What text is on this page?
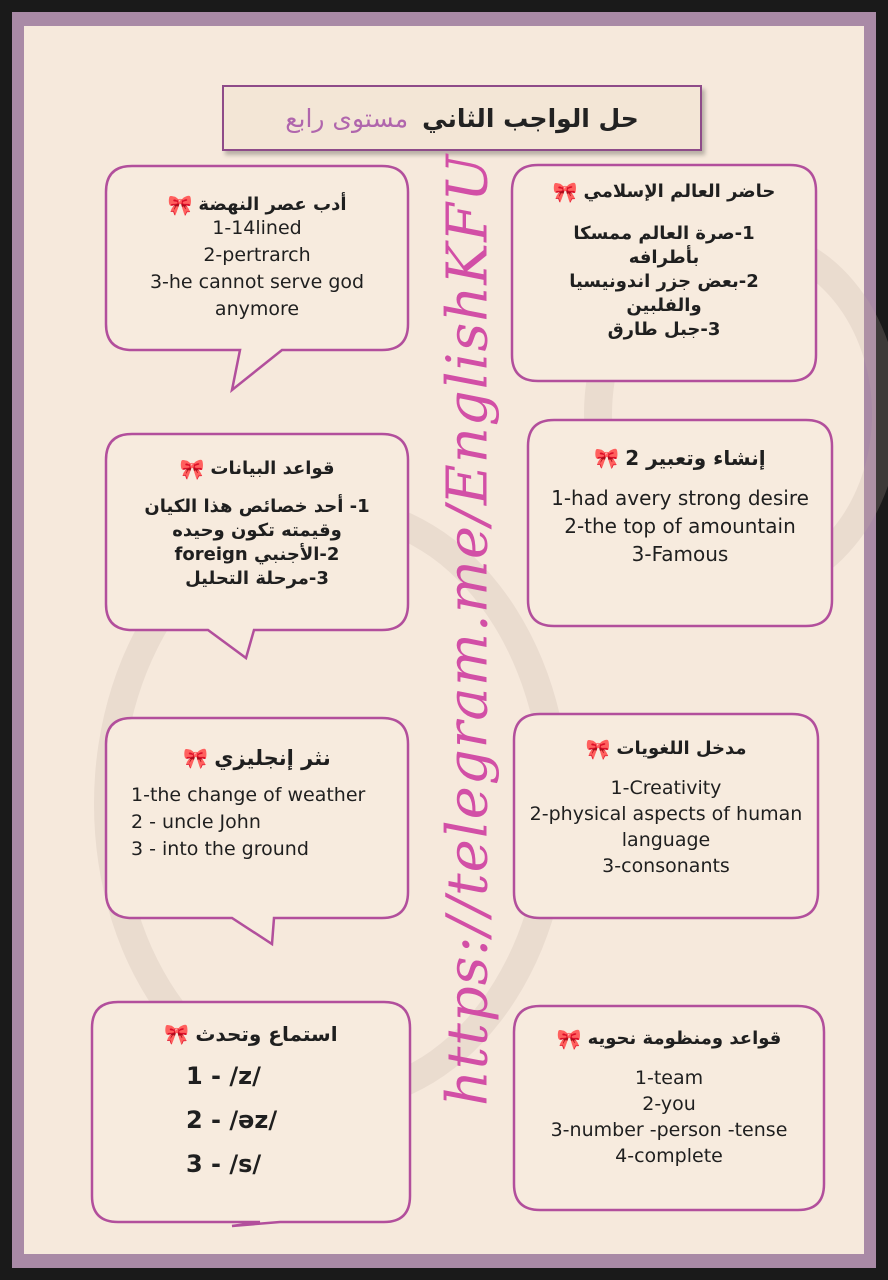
حل الواجب الثاني
مستوى رابع
أدب عصر النهضة
🎀
1-14lined
2-pertrarch
3-he cannot serve god
anymore
حاضر العالم الإسلامي
🎀
1-صرة العالم ممسكا
بأطرافه
2-بعض جزر اندونيسيا
والفلبين
3-جبل طارق
قواعد البيانات
🎀
1- أحد خصائص هذا الكيان
وقيمته تكون وحيده
2-الأجنبي foreign
3-مرحلة التحليل
إنشاء وتعبير 2
🎀
1-had avery strong desire
2-the top of amountain
3-Famous
نثر إنجليزي
🎀
1-the change of weather
2 - uncle John
3 - into the ground
مدخل اللغويات
🎀
1-Creativity
2-physical aspects of human
language
3-consonants
استماع وتحدث
🎀
1 - /z/
2 - /əz/
3 - /s/
قواعد ومنظومة نحويه
🎀
1-team
2-you
3-number -person -tense
4-complete
https://telegram.me/EnglishKFU
